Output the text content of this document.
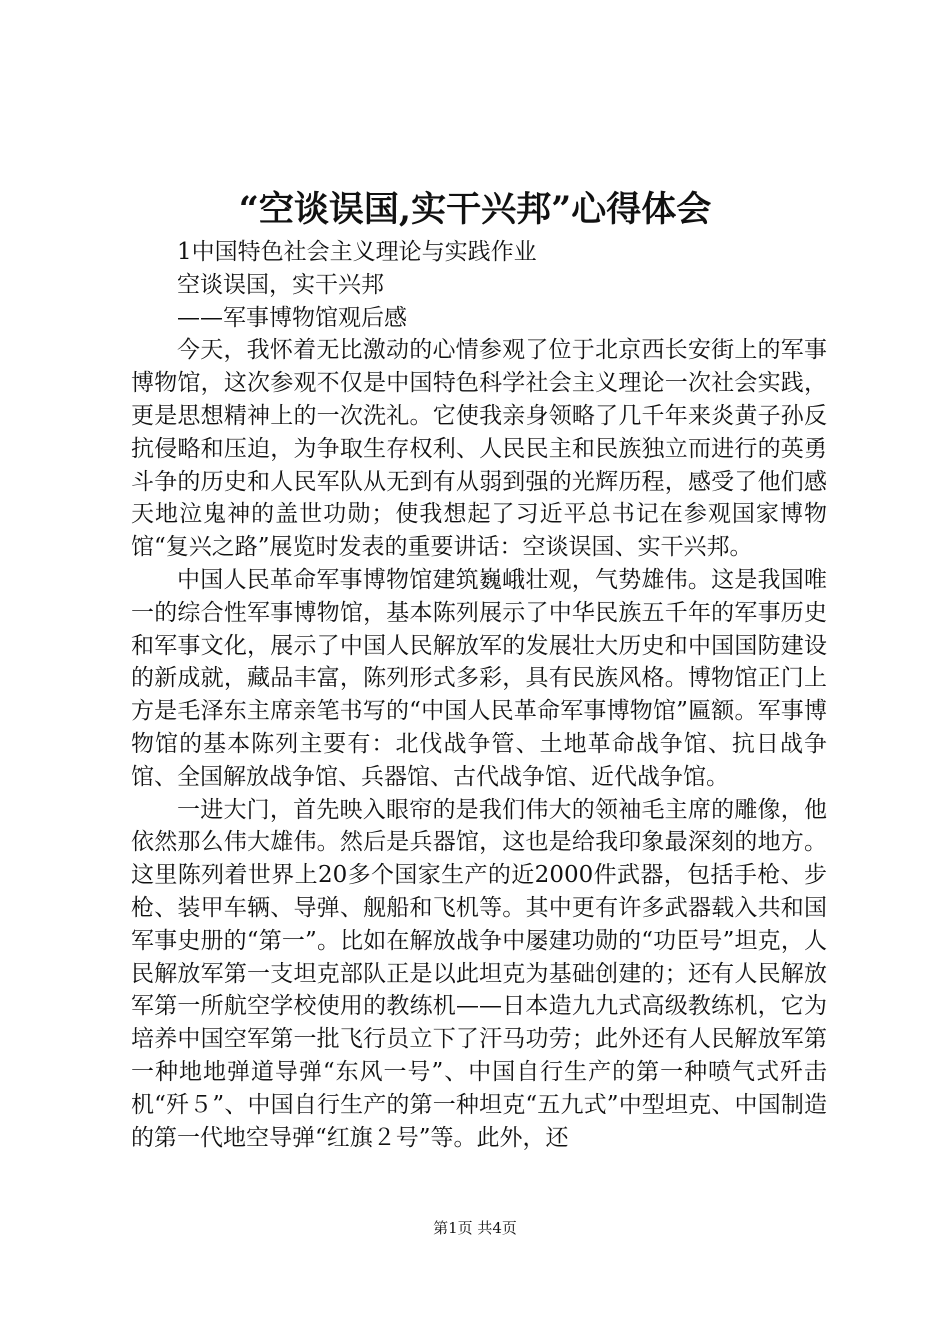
“空谈误国,实干兴邦”心得体会

1中国特色社会主义理论与实践作业

空谈误国，实干兴邦

——军事博物馆观后感

今天，我怀着无比激动的心情参观了位于北京西长安街上的军事博物馆，这次参观不仅是中国特色科学社会主义理论一次社会实践，更是思想精神上的一次洗礼。它使我亲身领略了几千年来炎黄子孙反抗侵略和压迫，为争取生存权利、人民民主和民族独立而进行的英勇斗争的历史和人民军队从无到有从弱到强的光辉历程，感受了他们感天地泣鬼神的盖世功勋；使我想起了习近平总书记在参观国家博物馆“复兴之路”展览时发表的重要讲话：空谈误国、实干兴邦。

中国人民革命军事博物馆建筑巍峨壮观，气势雄伟。这是我国唯一的综合性军事博物馆，基本陈列展示了中华民族五千年的军事历史和军事文化，展示了中国人民解放军的发展壮大历史和中国国防建设的新成就，藏品丰富，陈列形式多彩，具有民族风格。博物馆正门上方是毛泽东主席亲笔书写的“中国人民革命军事博物馆”匾额。军事博物馆的基本陈列主要有：北伐战争管、土地革命战争馆、抗日战争馆、全国解放战争馆、兵器馆、古代战争馆、近代战争馆。

一进大门，首先映入眼帘的是我们伟大的领袖毛主席的雕像，他依然那么伟大雄伟。然后是兵器馆，这也是给我印象最深刻的地方。这里陈列着世界上20多个国家生产的近2000件武器，包括手枪、步枪、装甲车辆、导弹、舰船和飞机等。其中更有许多武器载入共和国军事史册的“第一”。比如在解放战争中屡建功勋的“功臣号”坦克，人民解放军第一支坦克部队正是以此坦克为基础创建的；还有人民解放军第一所航空学校使用的教练机——日本造九九式高级教练机，它为培养中国空军第一批飞行员立下了汗马功劳；此外还有人民解放军第一种地地弹道导弹“东风一号”、中国自行生产的第一种喷气式歼击机“歼５”、中国自行生产的第一种坦克“五九式”中型坦克、中国制造的第一代地空导弹“红旗２号”等。此外，还

第1页 共4页
